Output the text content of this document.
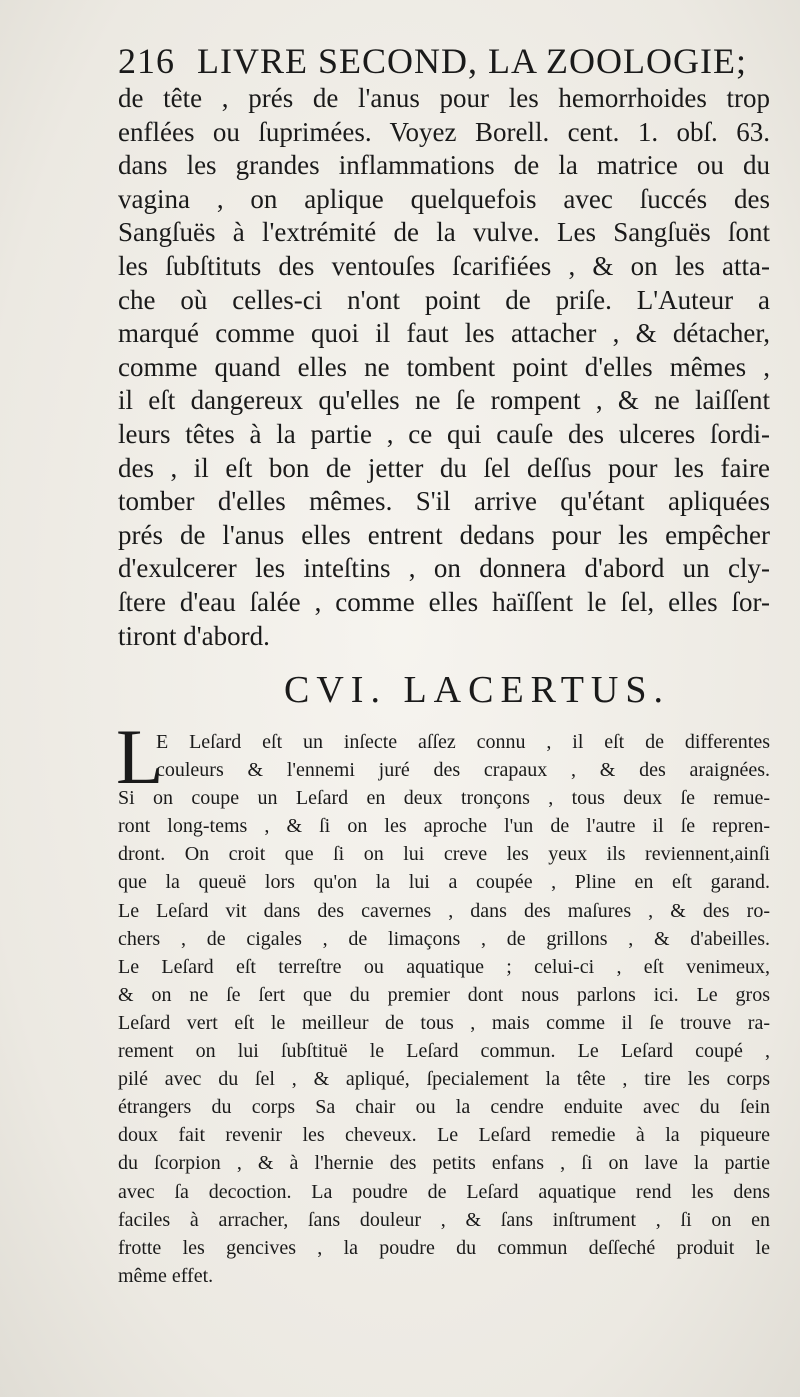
216 LIVRE SECOND, LA ZOOLOGIE;
de tête , prés de l'anus pour les hemorrhoides trop
enflées ou ſuprimées. Voyez Borell. cent. 1. obſ. 63.
dans les grandes inflammations de la matrice ou du
vagina , on aplique quelquefois avec ſuccés des
Sangſuës à l'extrémité de la vulve. Les Sangſuës ſont
les ſubſtituts des ventouſes ſcarifiées , & on les atta-
che où celles-ci n'ont point de priſe. L'Auteur a
marqué comme quoi il faut les attacher , & détacher,
comme quand elles ne tombent point d'elles mêmes ,
il eſt dangereux qu'elles ne ſe rompent , & ne laiſſent
leurs têtes à la partie , ce qui cauſe des ulceres ſordi-
des , il eſt bon de jetter du ſel deſſus pour les faire
tomber d'elles mêmes. S'il arrive qu'étant apliquées
prés de l'anus elles entrent dedans pour les empêcher
d'exulcerer les inteſtins , on donnera d'abord un cly-
ſtere d'eau ſalée , comme elles haïſſent le ſel, elles ſor-
tiront d'abord.
CVI. LACERTUS.
L
E Leſard eſt un inſecte aſſez connu , il eſt de differentes
couleurs & l'ennemi juré des crapaux , & des araignées.
Si on coupe un Leſard en deux tronçons , tous deux ſe remue-
ront long-tems , & ſi on les aproche l'un de l'autre il ſe repren-
dront. On croit que ſi on lui creve les yeux ils reviennent,ainſi
que la queuë lors qu'on la lui a coupée , Pline en eſt garand.
Le Leſard vit dans des cavernes , dans des maſures , & des ro-
chers , de cigales , de limaçons , de grillons , & d'abeilles.
Le Leſard eſt terreſtre ou aquatique ; celui-ci , eſt venimeux,
& on ne ſe ſert que du premier dont nous parlons ici. Le gros
Leſard vert eſt le meilleur de tous , mais comme il ſe trouve ra-
rement on lui ſubſtituë le Leſard commun. Le Leſard coupé ,
pilé avec du ſel , & apliqué, ſpecialement la tête , tire les corps
étrangers du corps Sa chair ou la cendre enduite avec du ſein
doux fait revenir les cheveux. Le Leſard remedie à la piqueure
du ſcorpion , & à l'hernie des petits enfans , ſi on lave la partie
avec ſa decoction. La poudre de Leſard aquatique rend les dens
faciles à arracher, ſans douleur , & ſans inſtrument , ſi on en
frotte les gencives , la poudre du commun deſſeché produit le
même effet.
